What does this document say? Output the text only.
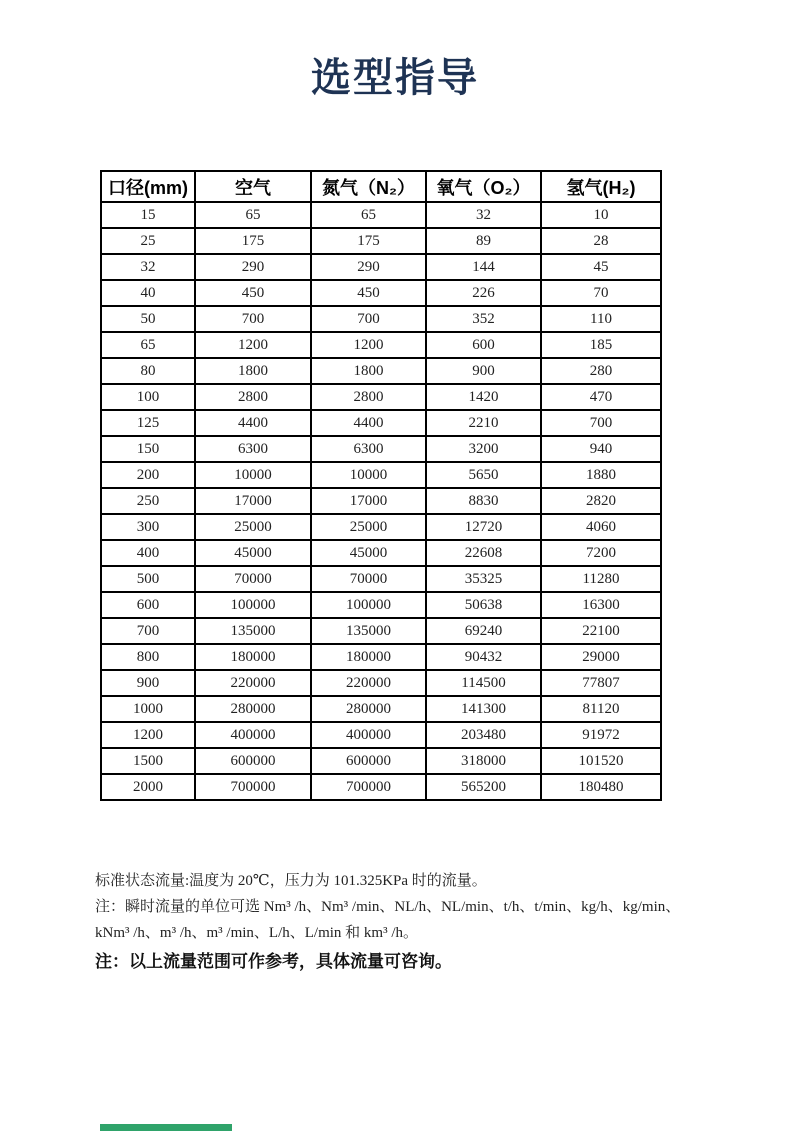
选型指导
口径(mm)	空气	氮气（N₂）	氧气（O₂）	氢气(H₂)
15	65	65	32	10
25	175	175	89	28
32	290	290	144	45
40	450	450	226	70
50	700	700	352	110
65	1200	1200	600	185
80	1800	1800	900	280
100	2800	2800	1420	470
125	4400	4400	2210	700
150	6300	6300	3200	940
200	10000	10000	5650	1880
250	17000	17000	8830	2820
300	25000	25000	12720	4060
400	45000	45000	22608	7200
500	70000	70000	35325	11280
600	100000	100000	50638	16300
700	135000	135000	69240	22100
800	180000	180000	90432	29000
900	220000	220000	114500	77807
1000	280000	280000	141300	81120
1200	400000	400000	203480	91972
1500	600000	600000	318000	101520
2000	700000	700000	565200	180480

标准状态流量:温度为 20℃，压力为 101.325KPa 时的流量。

注：瞬时流量的单位可选 Nm³ /h、Nm³ /min、NL/h、NL/min、t/h、t/min、kg/h、kg/min、

kNm³ /h、m³ /h、m³ /min、L/h、L/min 和 km³ /h。

注：以上流量范围可作参考，具体流量可咨询。
